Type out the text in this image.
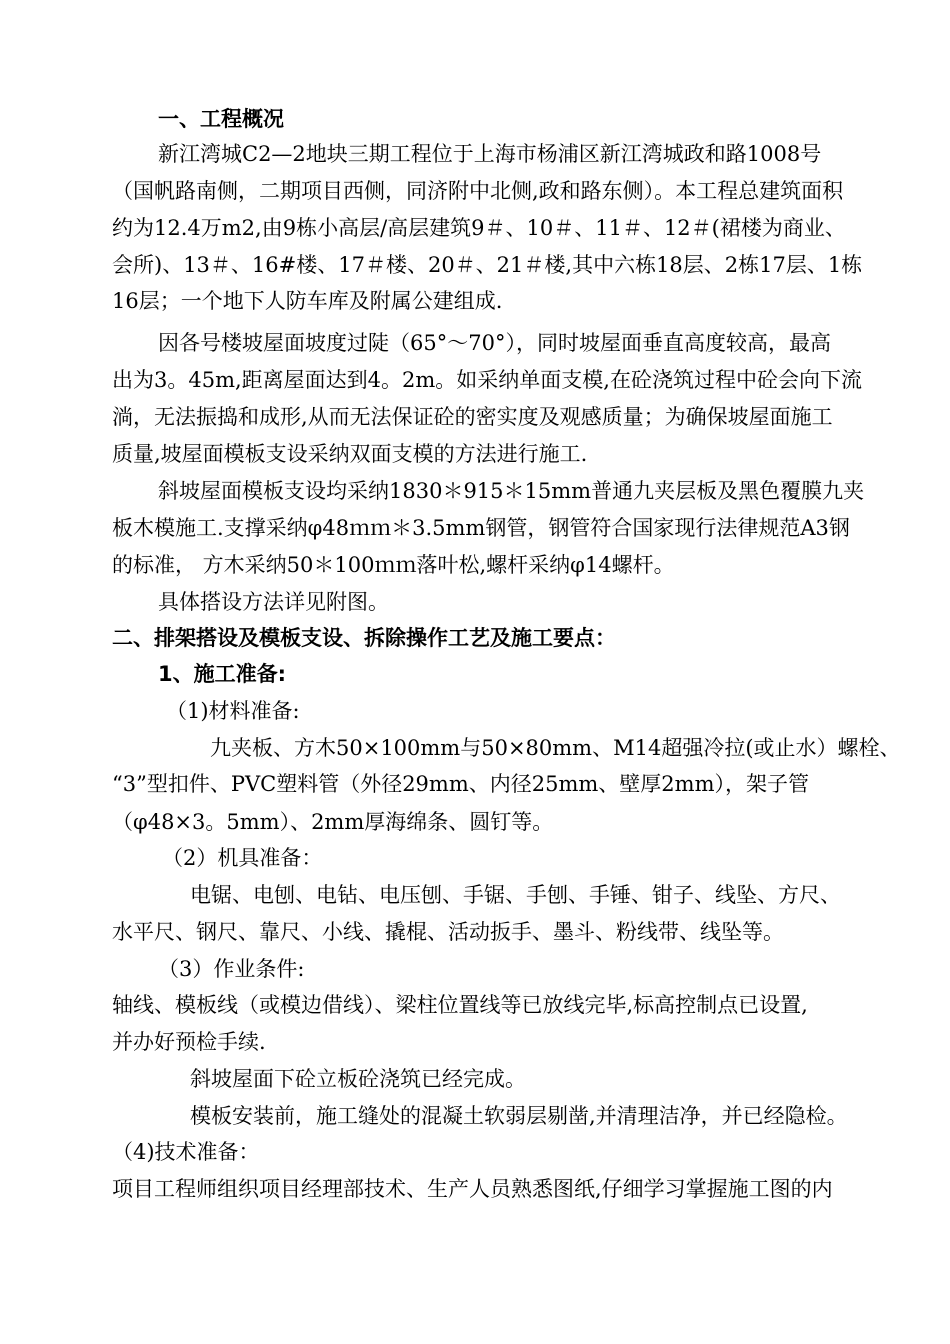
一、工程概况
新江湾城C2—2地块三期工程位于上海市杨浦区新江湾城政和路1008号
（国帆路南侧，二期项目西侧，同济附中北侧,政和路东侧）。本工程总建筑面积
约为12.4万m2,由9栋小高层/高层建筑9＃、10＃、11＃、12＃(裙楼为商业、
会所)、13＃、16#楼、17＃楼、20＃、21＃楼,其中六栋18层、2栋17层、1栋
16层；一个地下人防车库及附属公建组成.
因各号楼坡屋面坡度过陡（65°～70°），同时坡屋面垂直高度较高，最高
出为3。45m,距离屋面达到4。2m。如采纳单面支模,在砼浇筑过程中砼会向下流
淌，无法振捣和成形,从而无法保证砼的密实度及观感质量；为确保坡屋面施工
质量,坡屋面模板支设采纳双面支模的方法进行施工.
斜坡屋面模板支设均采纳1830＊915＊15mm普通九夹层板及黑色覆膜九夹
板木模施工.支撑采纳φ48ｍｍ＊3.5mm钢管，钢管符合国家现行法律规范A3钢
的标准， 方木采纳50＊100ｍｍ落叶松,螺杆采纳φ14螺杆。
具体搭设方法详见附图。
二、排架搭设及模板支设、拆除操作工艺及施工要点：
1、施工准备:
（1)材料准备:
九夹板、方木50×100mm与50×80mm、M14超强冷拉(或止水）螺栓、
“3”型扣件、PVC塑料管（外径29mm、内径25mm、壁厚2mm），架子管
（φ48×3。5mm）、2mm厚海绵条、圆钉等。
（2）机具准备：
电锯、电刨、电钻、电压刨、手锯、手刨、手锤、钳子、线坠、方尺、
水平尺、钢尺、靠尺、小线、撬棍、活动扳手、墨斗、粉线带、线坠等。
（3）作业条件:
轴线、模板线（或模边借线）、梁柱位置线等已放线完毕,标高控制点已设置,
并办好预检手续.
斜坡屋面下砼立板砼浇筑已经完成。
模板安装前，施工缝处的混凝土软弱层剔凿,并清理洁净，并已经隐检。
（4)技术准备：
项目工程师组织项目经理部技术、生产人员熟悉图纸,仔细学习掌握施工图的内
